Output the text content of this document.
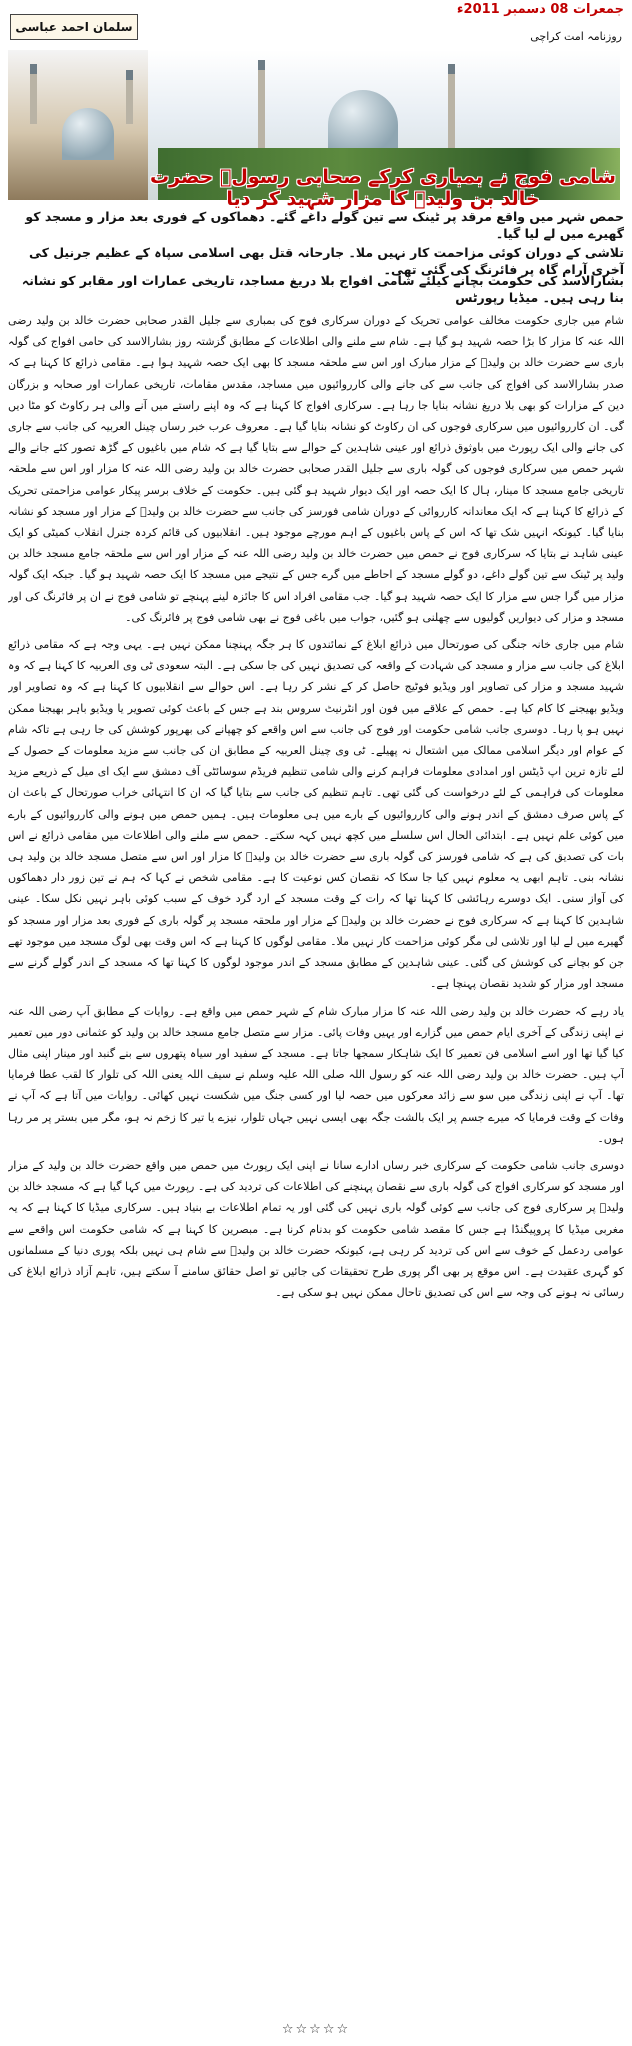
جمعرات 08 دسمبر 2011ء
سلمان احمد عباسی
روزنامہ امت کراچی
شامی فوج نے بمباری کرکے صحابی رسولﷺ حضرت خالد بن ولیدؓ کا مزار شہید کر دیا
حمص شہر میں واقع مرقد پر ٹینک سے تین گولے داغے گئے۔ دھماکوں کے فوری بعد مزار و مسجد کو گھیرے میں لے لیا گیا۔
تلاشی کے دوران کوئی مزاحمت کار نہیں ملا۔ جارحانہ قتل بھی اسلامی سپاہ کے عظیم جرنیل کی آخری آرام گاہ پر فائرنگ کی گئی تھی۔
بشارالاسد کی حکومت بچانے کیلئے شامی افواج بلا دریغ مساجد، تاریخی عمارات اور مقابر کو نشانہ بنا رہی ہیں۔ میڈیا رپورٹس

شام میں جاری حکومت مخالف عوامی تحریک کے دوران سرکاری فوج کی بمباری سے جلیل القدر صحابی حضرت خالد بن ولید رضی اللہ عنہ کا مزار کا بڑا حصہ شہید ہو گیا ہے۔ شام سے ملنے والی اطلاعات کے مطابق گزشتہ روز بشارالاسد کی حامی افواج کی گولہ باری سے حضرت خالد بن ولیدؓ کے مزار مبارک اور اس سے ملحقہ مسجد کا بھی ایک حصہ شہید ہوا ہے۔ مقامی ذرائع کا کہنا ہے کہ صدر بشارالاسد کی افواج کی جانب سے کی جانے والی کارروائیوں میں مساجد، مقدس مقامات، تاریخی عمارات اور صحابہ و بزرگان دین کے مزارات کو بھی بلا دریغ نشانہ بنایا جا رہا ہے۔ سرکاری افواج کا کہنا ہے کہ وہ اپنے راستے میں آنے والی ہر رکاوٹ کو مٹا دیں گی۔ ان کارروائیوں میں سرکاری فوجوں کی ان رکاوٹ کو نشانہ بنایا گیا ہے۔ معروف عرب خبر رساں چینل العربیہ کی جانب سے جاری کی جانے والی ایک رپورٹ میں باوثوق ذرائع اور عینی شاہدین کے حوالے سے بتایا گیا ہے کہ شام میں باغیوں کے گڑھ تصور کئے جانے والے شہر حمص میں سرکاری فوجوں کی گولہ باری سے جلیل القدر صحابی حضرت خالد بن ولید رضی اللہ عنہ کا مزار اور اس سے ملحقہ تاریخی جامع مسجد کا مینار، ہال کا ایک حصہ اور ایک دیوار شہید ہو گئی ہیں۔ حکومت کے خلاف برسر پیکار عوامی مزاحمتی تحریک کے ذرائع کا کہنا ہے کہ ایک معاندانہ کارروائی کے دوران شامی فورسز کی جانب سے حضرت خالد بن ولیدؓ کے مزار اور مسجد کو نشانہ بنایا گیا۔ کیونکہ انہیں شک تھا کہ اس کے پاس باغیوں کے اہم مورچے موجود ہیں۔ انقلابیوں کی قائم کردہ جنرل انقلاب کمیٹی کو ایک عینی شاہد نے بتایا کہ سرکاری فوج نے حمص میں حضرت خالد بن ولید رضی اللہ عنہ کے مزار اور اس سے ملحقہ جامع مسجد خالد بن ولید پر ٹینک سے تین گولے داغے، دو گولے مسجد کے احاطے میں گرے جس کے نتیجے میں مسجد کا ایک حصہ شہید ہو گیا۔ جبکہ ایک گولہ مزار میں گرا جس سے مزار کا ایک حصہ شہید ہو گیا۔ جب مقامی افراد اس کا جائزہ لینے پہنچے تو شامی فوج نے ان پر فائرنگ کی اور مسجد و مزار کی دیواریں گولیوں سے چھلنی ہو گئیں، جواب میں باغی فوج نے بھی شامی فوج پر فائرنگ کی۔

شام میں جاری خانہ جنگی کی صورتحال میں ذرائع ابلاغ کے نمائندوں کا ہر جگہ پہنچنا ممکن نہیں ہے۔ یہی وجہ ہے کہ مقامی ذرائع ابلاغ کی جانب سے مزار و مسجد کی شہادت کے واقعہ کی تصدیق نہیں کی جا سکی ہے۔ البتہ سعودی ٹی وی العربیہ کا کہنا ہے کہ وہ شہید مسجد و مزار کی تصاویر اور ویڈیو فوٹیج حاصل کر کے نشر کر رہا ہے۔ اس حوالے سے انقلابیوں کا کہنا ہے کہ وہ تصاویر اور ویڈیو بھیجنے کا کام کیا ہے۔ حمص کے علاقے میں فون اور انٹرنیٹ سروس بند ہے جس کے باعث کوئی تصویر یا ویڈیو باہر بھیجنا ممکن نہیں ہو پا رہا۔ دوسری جانب شامی حکومت اور فوج کی جانب سے اس واقعے کو چھپانے کی بھرپور کوشش کی جا رہی ہے تاکہ شام کے عوام اور دیگر اسلامی ممالک میں اشتعال نہ پھیلے۔ ٹی وی چینل العربیہ کے مطابق ان کی جانب سے مزید معلومات کے حصول کے لئے تازہ ترین اپ ڈیٹس اور امدادی معلومات فراہم کرنے والی شامی تنظیم فریڈم سوسائٹی آف دمشق سے ایک ای میل کے ذریعے مزید معلومات کی فراہمی کے لئے درخواست کی گئی تھی۔ تاہم تنظیم کی جانب سے بتایا گیا کہ ان کا انتہائی خراب صورتحال کے باعث ان کے پاس صرف دمشق کے اندر ہونے والی کارروائیوں کے بارے میں ہی معلومات ہیں۔ ہمیں حمص میں ہونے والی کارروائیوں کے بارے میں کوئی علم نہیں ہے۔ ابتدائی الحال اس سلسلے میں کچھ نہیں کہہ سکتے۔ حمص سے ملنے والی اطلاعات میں مقامی ذرائع نے اس بات کی تصدیق کی ہے کہ شامی فورسز کی گولہ باری سے حضرت خالد بن ولیدؓ کا مزار اور اس سے متصل مسجد خالد بن ولید ہی نشانہ بنی۔ تاہم ابھی یہ معلوم نہیں کیا جا سکا کہ نقصان کس نوعیت کا ہے۔ مقامی شخص نے کہا کہ ہم نے تین زور دار دھماکوں کی آواز سنی۔ ایک دوسرے رہائشی کا کہنا تھا کہ رات کے وقت مسجد کے ارد گرد خوف کے سبب کوئی باہر نہیں نکل سکا۔ عینی شاہدین کا کہنا ہے کہ سرکاری فوج نے حضرت خالد بن ولیدؓ کے مزار اور ملحقہ مسجد پر گولہ باری کے فوری بعد مزار اور مسجد کو گھیرے میں لے لیا اور تلاشی لی مگر کوئی مزاحمت کار نہیں ملا۔ مقامی لوگوں کا کہنا ہے کہ اس وقت بھی لوگ مسجد میں موجود تھے جن کو بچانے کی کوشش کی گئی۔ عینی شاہدین کے مطابق مسجد کے اندر موجود لوگوں کا کہنا تھا کہ مسجد کے اندر گولے گرنے سے مسجد اور مزار کو شدید نقصان پہنچا ہے۔

یاد رہے کہ حضرت خالد بن ولید رضی اللہ عنہ کا مزار مبارک شام کے شہر حمص میں واقع ہے۔ روایات کے مطابق آپ رضی اللہ عنہ نے اپنی زندگی کے آخری ایام حمص میں گزارے اور یہیں وفات پائی۔ مزار سے متصل جامع مسجد خالد بن ولید کو عثمانی دور میں تعمیر کیا گیا تھا اور اسے اسلامی فن تعمیر کا ایک شاہکار سمجھا جاتا ہے۔ مسجد کے سفید اور سیاہ پتھروں سے بنے گنبد اور مینار اپنی مثال آپ ہیں۔ حضرت خالد بن ولید رضی اللہ عنہ کو رسول اللہ صلی اللہ علیہ وسلم نے سیف اللہ یعنی اللہ کی تلوار کا لقب عطا فرمایا تھا۔ آپ نے اپنی زندگی میں سو سے زائد معرکوں میں حصہ لیا اور کسی جنگ میں شکست نہیں کھائی۔ روایات میں آتا ہے کہ آپ نے وفات کے وقت فرمایا کہ میرے جسم پر ایک بالشت جگہ بھی ایسی نہیں جہاں تلوار، نیزے یا تیر کا زخم نہ ہو، مگر میں بستر پر مر رہا ہوں۔

دوسری جانب شامی حکومت کے سرکاری خبر رساں ادارے سانا نے اپنی ایک رپورٹ میں حمص میں واقع حضرت خالد بن ولید کے مزار اور مسجد کو سرکاری افواج کی گولہ باری سے نقصان پہنچنے کی اطلاعات کی تردید کی ہے۔ رپورٹ میں کہا گیا ہے کہ مسجد خالد بن ولیدؓ پر سرکاری فوج کی جانب سے کوئی گولہ باری نہیں کی گئی اور یہ تمام اطلاعات بے بنیاد ہیں۔ سرکاری میڈیا کا کہنا ہے کہ یہ مغربی میڈیا کا پروپیگنڈا ہے جس کا مقصد شامی حکومت کو بدنام کرنا ہے۔ مبصرین کا کہنا ہے کہ شامی حکومت اس واقعے سے عوامی ردعمل کے خوف سے اس کی تردید کر رہی ہے، کیونکہ حضرت خالد بن ولیدؓ سے شام ہی نہیں بلکہ پوری دنیا کے مسلمانوں کو گہری عقیدت ہے۔ اس موقع پر بھی اگر پوری طرح تحقیقات کی جائیں تو اصل حقائق سامنے آ سکتے ہیں، تاہم آزاد ذرائع ابلاغ کی رسائی نہ ہونے کی وجہ سے اس کی تصدیق تاحال ممکن نہیں ہو سکی ہے۔

☆☆☆☆☆
